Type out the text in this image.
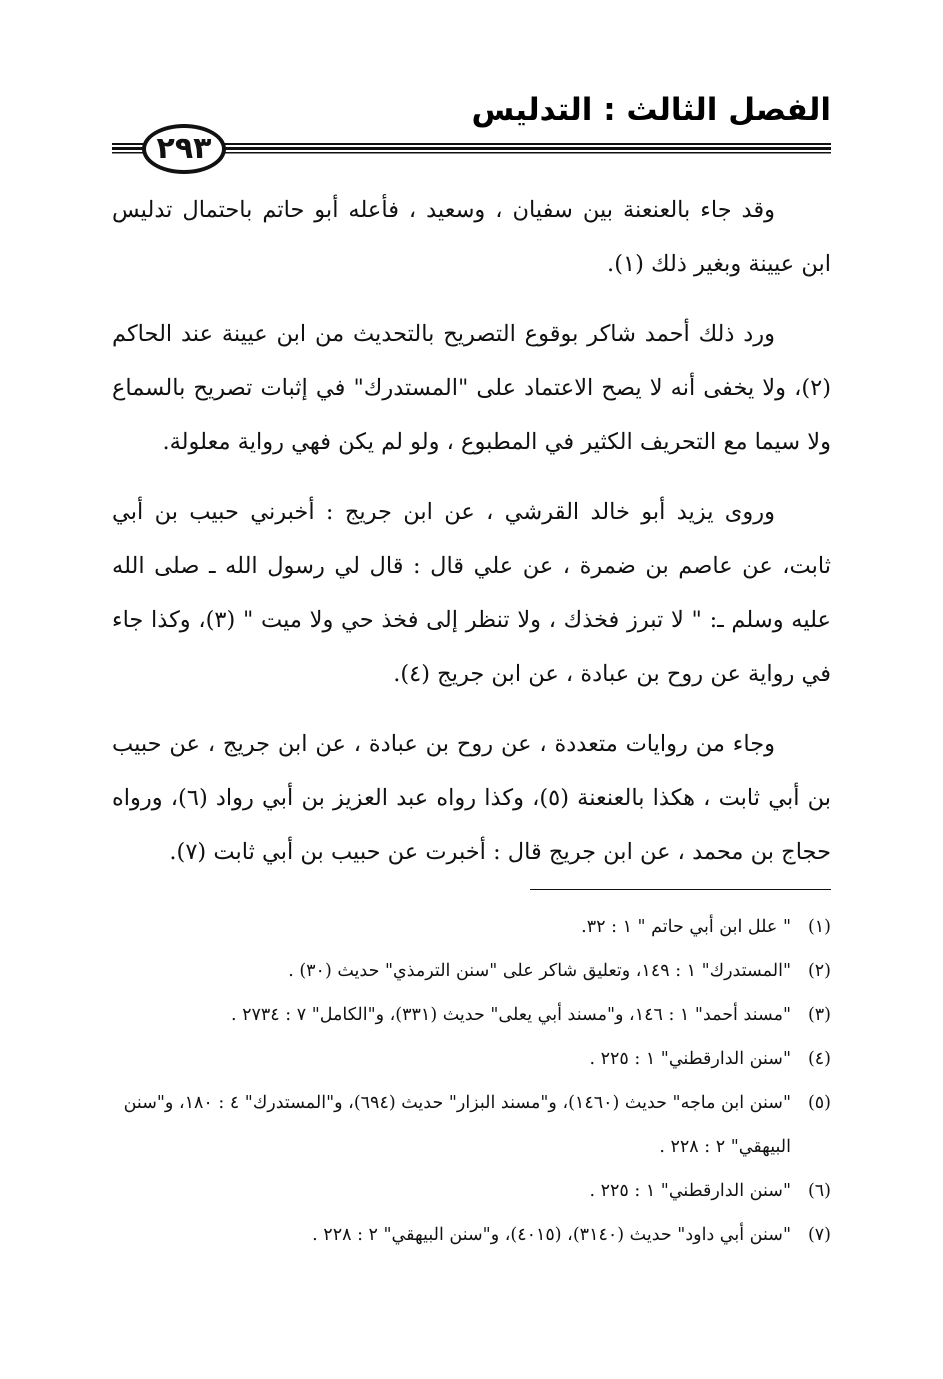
الفصل الثالث : التدليس
٢٩٣

وقد جاء بالعنعنة بين سفيان ، وسعيد ، فأعله أبو حاتم باحتمال تدليس ابن عيينة وبغير ذلك (١).

ورد ذلك أحمد شاكر بوقوع التصريح بالتحديث من ابن عيينة عند الحاكم (٢)، ولا يخفى أنه لا يصح الاعتماد على "المستدرك" في إثبات تصريح بالسماع ولا سيما مع التحريف الكثير في المطبوع ، ولو لم يكن فهي رواية معلولة.

وروى يزيد أبو خالد القرشي ، عن ابن جريج : أخبرني حبيب بن أبي ثابت، عن عاصم بن ضمرة ، عن علي قال : قال لي رسول الله ـ صلى الله عليه وسلم ـ: " لا تبرز فخذك ، ولا تنظر إلى فخذ حي ولا ميت " (٣)، وكذا جاء في رواية عن روح بن عبادة ، عن ابن جريج (٤).

وجاء من روايات متعددة ، عن روح بن عبادة ، عن ابن جريج ، عن حبيب بن أبي ثابت ، هكذا بالعنعنة (٥)، وكذا رواه عبد العزيز بن أبي رواد (٦)، ورواه حجاج بن محمد ، عن ابن جريج قال : أخبرت عن حبيب بن أبي ثابت (٧).

(١)" علل ابن أبي حاتم " ١ : ٣٢.

(٢)"المستدرك" ١ : ١٤٩، وتعليق شاكر على "سنن الترمذي" حديث (٣٠) .

(٣)"مسند أحمد" ١ : ١٤٦، و"مسند أبي يعلى" حديث (٣٣١)، و"الكامل" ٧ : ٢٧٣٤ .

(٤)"سنن الدارقطني" ١ : ٢٢٥ .

(٥)"سنن ابن ماجه" حديث (١٤٦٠)، و"مسند البزار" حديث (٦٩٤)، و"المستدرك" ٤ : ١٨٠، و"سنن البيهقي" ٢ : ٢٢٨ .

(٦)"سنن الدارقطني" ١ : ٢٢٥ .

(٧)"سنن أبي داود" حديث (٣١٤٠)، (٤٠١٥)، و"سنن البيهقي" ٢ : ٢٢٨ .
